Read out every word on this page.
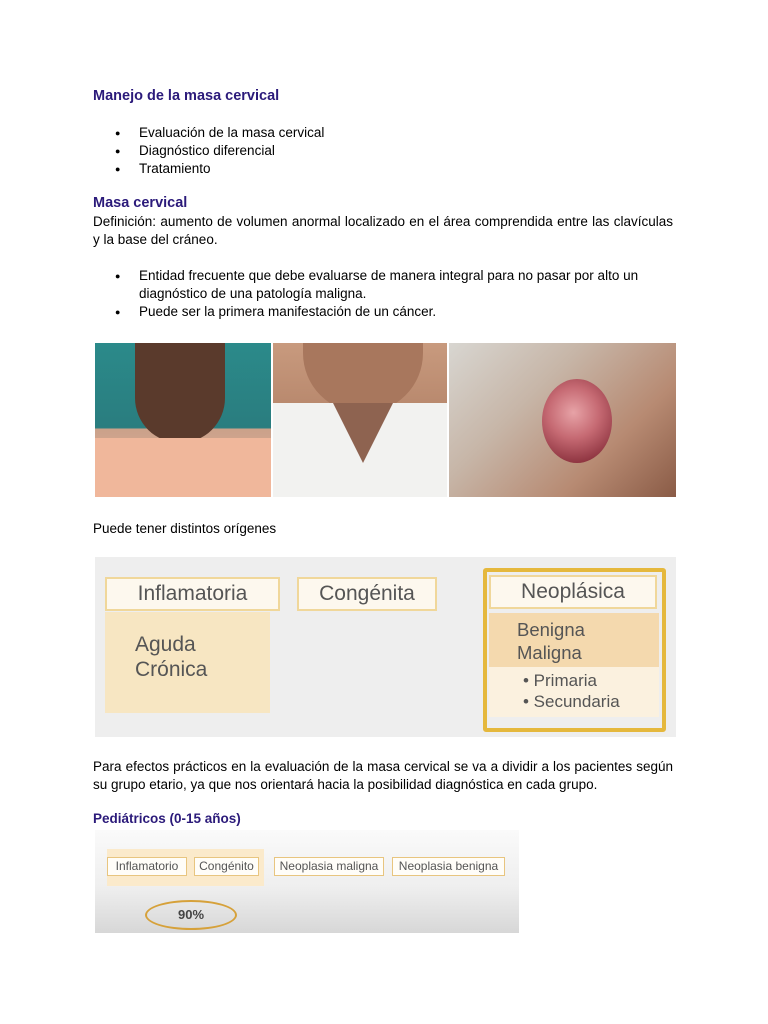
Manejo de la masa cervical
● Evaluación de la masa cervical
● Diagnóstico diferencial
● Tratamiento
Masa cervical
Definición: aumento de volumen anormal localizado en el área comprendida entre las clavículas y la base del cráneo.
● Entidad frecuente que debe evaluarse de manera integral para no pasar por alto un diagnóstico de una patología maligna.
● Puede ser la primera manifestación de un cáncer.
Puede tener distintos orígenes
Inflamatoria
Aguda
Crónica
Congénita	Neoplásica
Benigna
Maligna
• Primaria
• Secundaria
Para efectos prácticos en la evaluación de la masa cervical se va a dividir a los pacientes según su grupo etario, ya que nos orientará hacia la posibilidad diagnóstica en cada grupo.
Pediátricos (0-15 años)
Inflamatorio	Congénito	Neoplasia maligna	Neoplasia benigna
90%
